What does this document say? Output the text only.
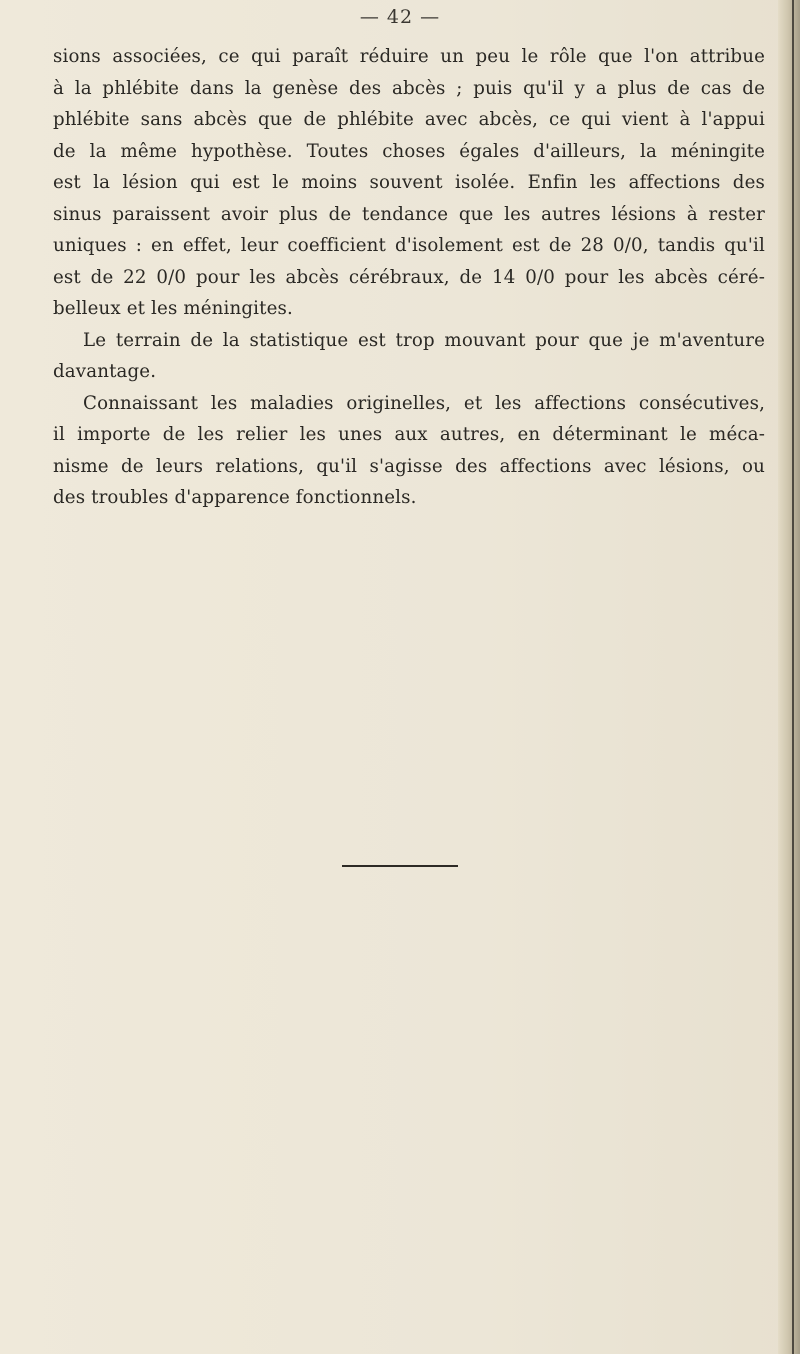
— 42 —
sions associées, ce qui paraît réduire un peu le rôle que l'on attribue
à la phlébite dans la genèse des abcès ; puis qu'il y a plus de cas de
phlébite sans abcès que de phlébite avec abcès, ce qui vient à l'appui
de la même hypothèse. Toutes choses égales d'ailleurs, la méningite
est la lésion qui est le moins souvent isolée. Enfin les affections des
sinus paraissent avoir plus de tendance que les autres lésions à rester
uniques : en effet, leur coefficient d'isolement est de 28 0/0, tandis qu'il
est de 22 0/0 pour les abcès cérébraux, de 14 0/0 pour les abcès céré-
belleux et les méningites.
Le terrain de la statistique est trop mouvant pour que je m'aventure
davantage.
Connaissant les maladies originelles, et les affections consécutives,
il importe de les relier les unes aux autres, en déterminant le méca-
nisme de leurs relations, qu'il s'agisse des affections avec lésions, ou
des troubles d'apparence fonctionnels.
